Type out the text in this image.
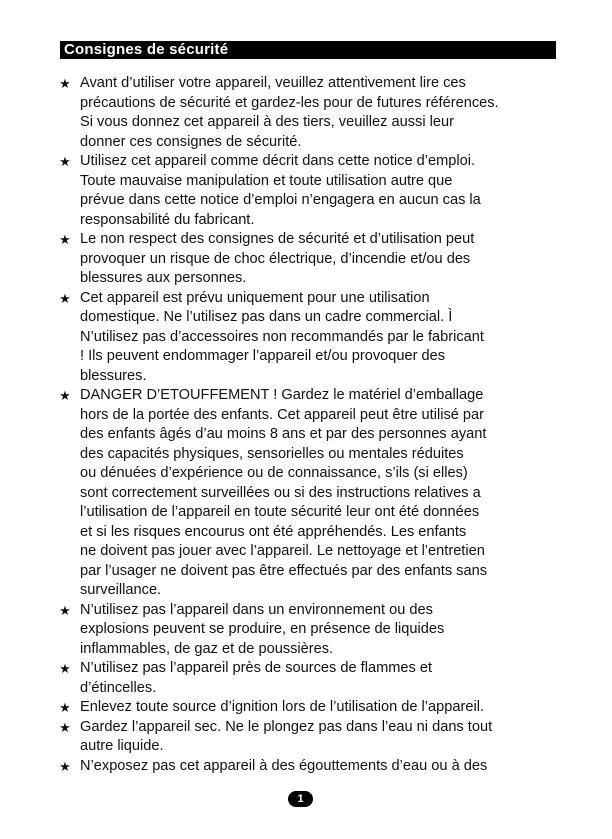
Consignes de sécurité
★ Avant d’utiliser votre appareil, veuillez attentivement lire ces
précautions de sécurité et gardez-les pour de futures références.
Si vous donnez cet appareil à des tiers, veuillez aussi leur
donner ces consignes de sécurité.
★ Utilisez cet appareil comme décrit dans cette notice d’emploi.
Toute mauvaise manipulation et toute utilisation autre que
prévue dans cette notice d’emploi n’engagera en aucun cas la
responsabilité du fabricant.
★ Le non respect des consignes de sécurité et d’utilisation peut
provoquer un risque de choc électrique, d’incendie et/ou des
blessures aux personnes.
★ Cet appareil est prévu uniquement pour une utilisation
domestique. Ne l’utilisez pas dans un cadre commercial. Ì
N’utilisez pas d’accessoires non recommandés par le fabricant
! Ils peuvent endommager l’appareil et/ou provoquer des
blessures.
★ DANGER D’ETOUFFEMENT ! Gardez le matériel d’emballage
hors de la portée des enfants. Cet appareil peut être utilisé par
des enfants âgés d’au moins 8 ans et par des personnes ayant
des capacités physiques, sensorielles ou mentales réduites
ou dénuées d’expérience ou de connaissance, s’ils (si elles)
sont correctement surveillées ou si des instructions relatives a
l’utilisation de l’appareil en toute sécurité leur ont été données
et si les risques encourus ont été appréhendés. Les enfants
ne doivent pas jouer avec l’appareil. Le nettoyage et l’entretien
par l’usager ne doivent pas être effectués par des enfants sans
surveillance.
★ N’utilisez pas l’appareil dans un environnement ou des
explosions peuvent se produire, en présence de liquides
inflammables, de gaz et de poussières.
★ N’utilisez pas l’appareil près de sources de flammes et
d’étincelles.
★ Enlevez toute source d’ignition lors de l’utilisation de l’appareil.
★ Gardez l’appareil sec. Ne le plongez pas dans l’eau ni dans tout
autre liquide.
★ N’exposez pas cet appareil à des égouttements d’eau ou à des
1
